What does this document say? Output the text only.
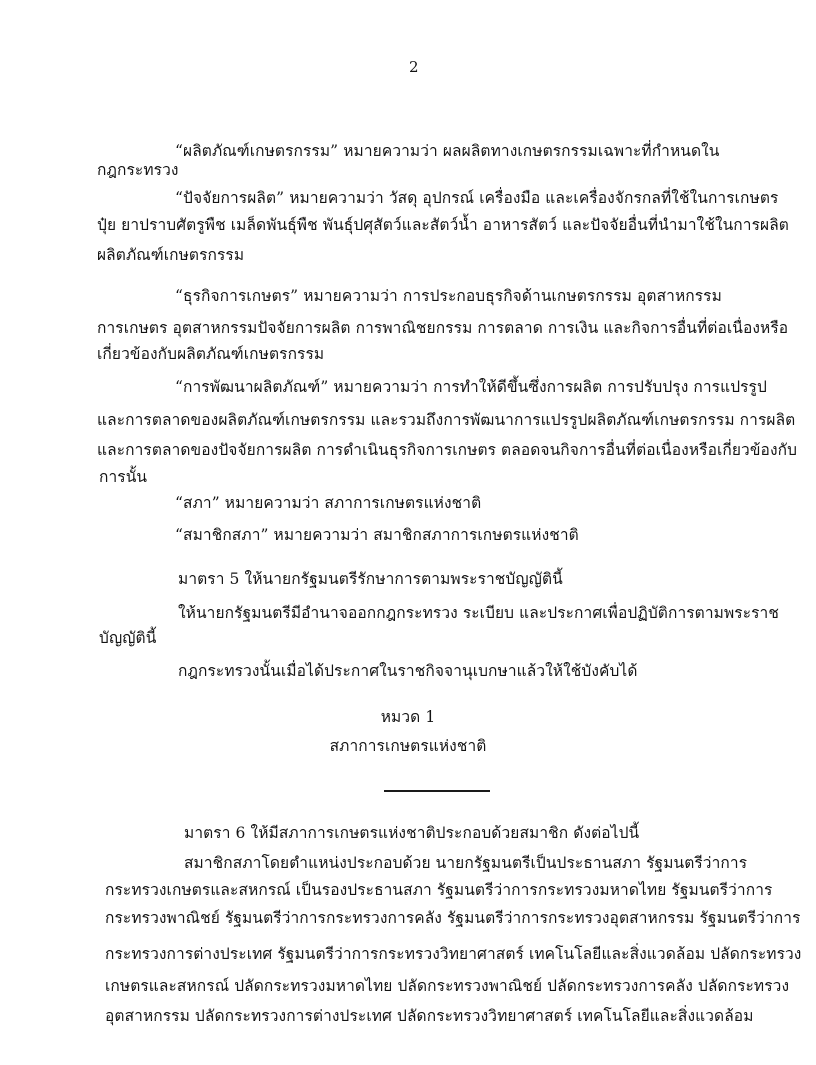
2
“ผลิตภัณฑ์เกษตรกรรม” หมายความว่า ผลผลิตทางเกษตรกรรมเฉพาะที่กำหนดใน
กฎกระทรวง
“ปัจจัยการผลิต” หมายความว่า วัสดุ อุปกรณ์ เครื่องมือ และเครื่องจักรกลที่ใช้ในการเกษตร
ปุ๋ย ยาปราบศัตรูพืช เมล็ดพันธุ์พืช พันธุ์ปศุสัตว์และสัตว์น้ำ อาหารสัตว์ และปัจจัยอื่นที่นำมาใช้ในการผลิต
ผลิตภัณฑ์เกษตรกรรม
“ธุรกิจการเกษตร” หมายความว่า การประกอบธุรกิจด้านเกษตรกรรม อุตสาหกรรม
การเกษตร อุตสาหกรรมปัจจัยการผลิต การพาณิชยกรรม การตลาด การเงิน และกิจการอื่นที่ต่อเนื่องหรือ
เกี่ยวข้องกับผลิตภัณฑ์เกษตรกรรม
“การพัฒนาผลิตภัณฑ์” หมายความว่า การทำให้ดีขึ้นซึ่งการผลิต การปรับปรุง การแปรรูป
และการตลาดของผลิตภัณฑ์เกษตรกรรม และรวมถึงการพัฒนาการแปรรูปผลิตภัณฑ์เกษตรกรรม การผลิต
และการตลาดของปัจจัยการผลิต การดำเนินธุรกิจการเกษตร ตลอดจนกิจการอื่นที่ต่อเนื่องหรือเกี่ยวข้องกับ
การนั้น
“สภา” หมายความว่า สภาการเกษตรแห่งชาติ
“สมาชิกสภา” หมายความว่า สมาชิกสภาการเกษตรแห่งชาติ
มาตรา 5 ให้นายกรัฐมนตรีรักษาการตามพระราชบัญญัตินี้
ให้นายกรัฐมนตรีมีอำนาจออกกฎกระทรวง ระเบียบ และประกาศเพื่อปฏิบัติการตามพระราช
บัญญัตินี้
กฎกระทรวงนั้นเมื่อได้ประกาศในราชกิจจานุเบกษาแล้วให้ใช้บังคับได้
หมวด 1
สภาการเกษตรแห่งชาติ
มาตรา 6 ให้มีสภาการเกษตรแห่งชาติประกอบด้วยสมาชิก ดังต่อไปนี้
สมาชิกสภาโดยตำแหน่งประกอบด้วย นายกรัฐมนตรีเป็นประธานสภา รัฐมนตรีว่าการ
กระทรวงเกษตรและสหกรณ์ เป็นรองประธานสภา รัฐมนตรีว่าการกระทรวงมหาดไทย รัฐมนตรีว่าการ
กระทรวงพาณิชย์ รัฐมนตรีว่าการกระทรวงการคลัง รัฐมนตรีว่าการกระทรวงอุตสาหกรรม รัฐมนตรีว่าการ
กระทรวงการต่างประเทศ รัฐมนตรีว่าการกระทรวงวิทยาศาสตร์ เทคโนโลยีและสิ่งแวดล้อม ปลัดกระทรวง
เกษตรและสหกรณ์ ปลัดกระทรวงมหาดไทย ปลัดกระทรวงพาณิชย์ ปลัดกระทรวงการคลัง ปลัดกระทรวง
อุตสาหกรรม ปลัดกระทรวงการต่างประเทศ ปลัดกระทรวงวิทยาศาสตร์ เทคโนโลยีและสิ่งแวดล้อม
